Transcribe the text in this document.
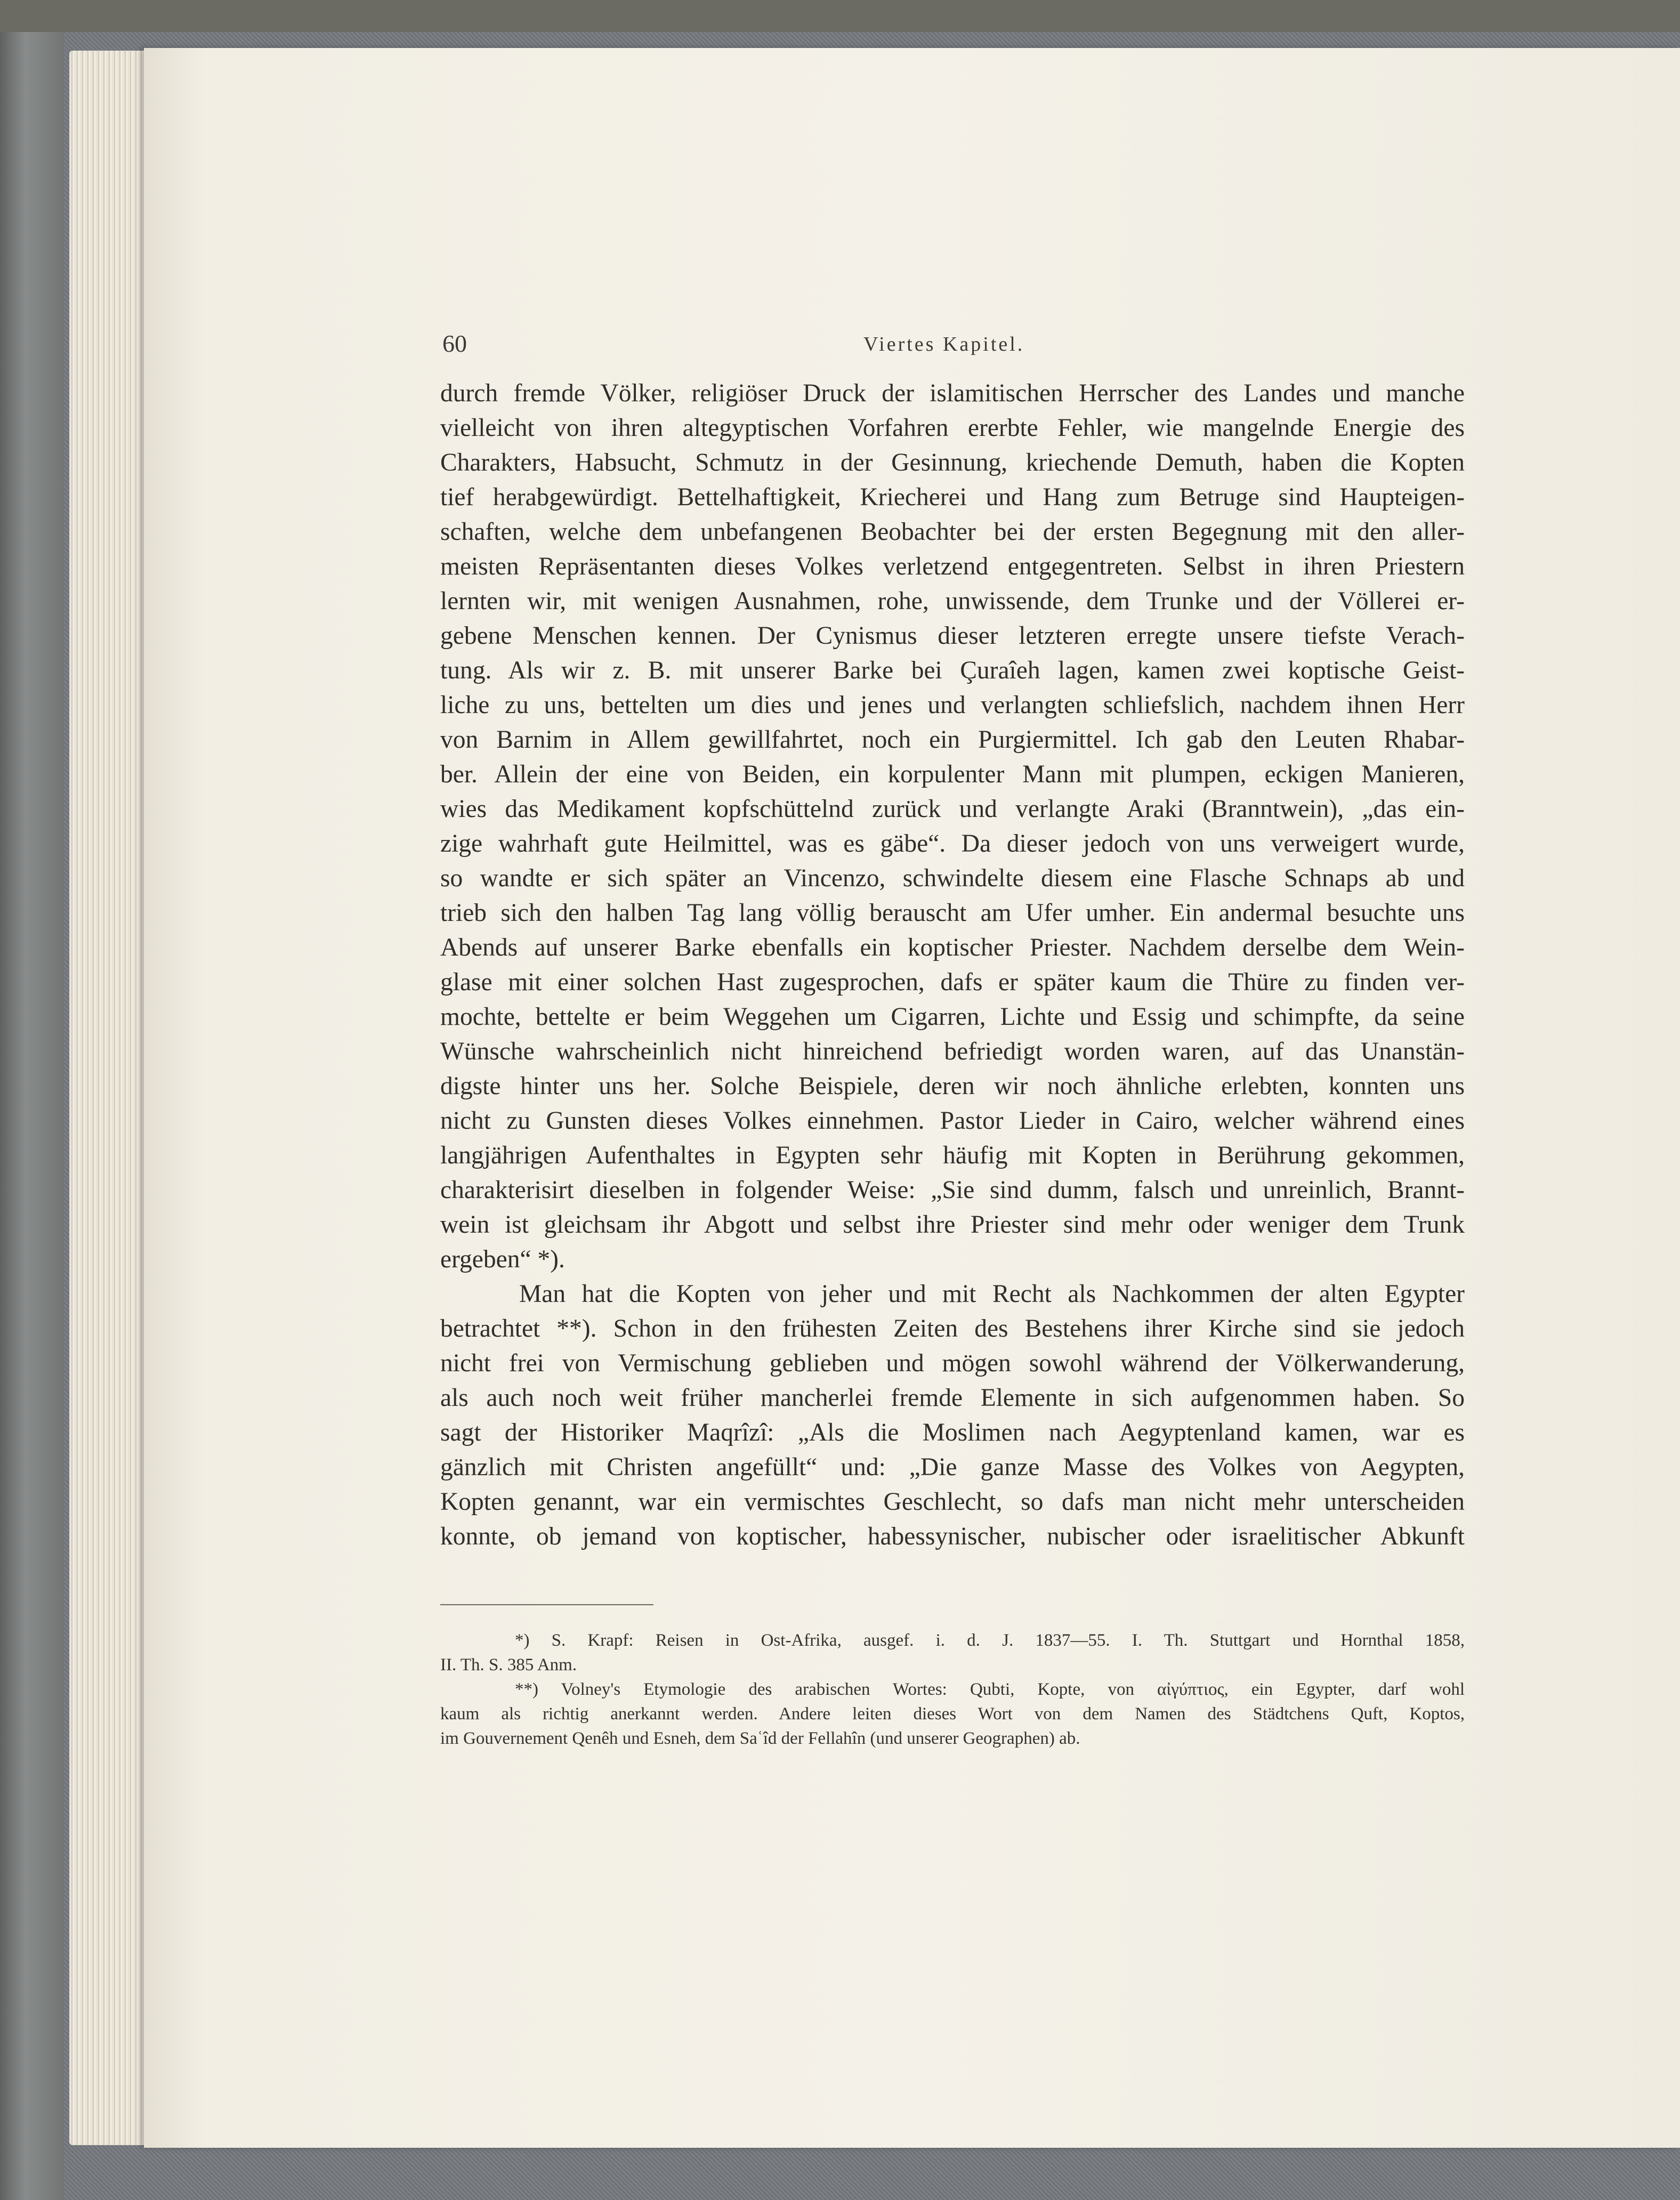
60	Viertes Kapitel.
durch fremde Völker, religiöser Druck der islamitischen Herrscher des Landes und manche
vielleicht von ihren altegyptischen Vorfahren ererbte Fehler, wie mangelnde Energie des
Charakters, Habsucht, Schmutz in der Gesinnung, kriechende Demuth, haben die Kopten
tief herabgewürdigt. Bettelhaftigkeit, Kriecherei und Hang zum Betruge sind Haupteigen-
schaften, welche dem unbefangenen Beobachter bei der ersten Begegnung mit den aller-
meisten Repräsentanten dieses Volkes verletzend entgegentreten. Selbst in ihren Priestern
lernten wir, mit wenigen Ausnahmen, rohe, unwissende, dem Trunke und der Völlerei er-
gebene Menschen kennen. Der Cynismus dieser letzteren erregte unsere tiefste Verach-
tung. Als wir z. B. mit unserer Barke bei Çuraîeh lagen, kamen zwei koptische Geist-
liche zu uns, bettelten um dies und jenes und verlangten schliefslich, nachdem ihnen Herr
von Barnim in Allem gewillfahrtet, noch ein Purgiermittel. Ich gab den Leuten Rhabar-
ber. Allein der eine von Beiden, ein korpulenter Mann mit plumpen, eckigen Manieren,
wies das Medikament kopfschüttelnd zurück und verlangte Araki (Branntwein), „das ein-
zige wahrhaft gute Heilmittel, was es gäbe“. Da dieser jedoch von uns verweigert wurde,
so wandte er sich später an Vincenzo, schwindelte diesem eine Flasche Schnaps ab und
trieb sich den halben Tag lang völlig berauscht am Ufer umher. Ein andermal besuchte uns
Abends auf unserer Barke ebenfalls ein koptischer Priester. Nachdem derselbe dem Wein-
glase mit einer solchen Hast zugesprochen, dafs er später kaum die Thüre zu finden ver-
mochte, bettelte er beim Weggehen um Cigarren, Lichte und Essig und schimpfte, da seine
Wünsche wahrscheinlich nicht hinreichend befriedigt worden waren, auf das Unanstän-
digste hinter uns her. Solche Beispiele, deren wir noch ähnliche erlebten, konnten uns
nicht zu Gunsten dieses Volkes einnehmen. Pastor Lieder in Cairo, welcher während eines
langjährigen Aufenthaltes in Egypten sehr häufig mit Kopten in Berührung gekommen,
charakterisirt dieselben in folgender Weise: „Sie sind dumm, falsch und unreinlich, Brannt-
wein ist gleichsam ihr Abgott und selbst ihre Priester sind mehr oder weniger dem Trunk
ergeben“ *).
Man hat die Kopten von jeher und mit Recht als Nachkommen der alten Egypter
betrachtet **). Schon in den frühesten Zeiten des Bestehens ihrer Kirche sind sie jedoch
nicht frei von Vermischung geblieben und mögen sowohl während der Völkerwanderung,
als auch noch weit früher mancherlei fremde Elemente in sich aufgenommen haben. So
sagt der Historiker Maqrîzî: „Als die Moslimen nach Aegyptenland kamen, war es
gänzlich mit Christen angefüllt“ und: „Die ganze Masse des Volkes von Aegypten,
Kopten genannt, war ein vermischtes Geschlecht, so dafs man nicht mehr unterscheiden
konnte, ob jemand von koptischer, habessynischer, nubischer oder israelitischer Abkunft
*) S. Krapf: Reisen in Ost-Afrika, ausgef. i. d. J. 1837—55. I. Th. Stuttgart und Hornthal 1858,
II. Th. S. 385 Anm.
**) Volney's Etymologie des arabischen Wortes: Qubti, Kopte, von αἰγύπτιος, ein Egypter, darf wohl
kaum als richtig anerkannt werden. Andere leiten dieses Wort von dem Namen des Städtchens Quft, Koptos,
im Gouvernement Qenêh und Esneh, dem Saʿîd der Fellahîn (und unserer Geographen) ab.
